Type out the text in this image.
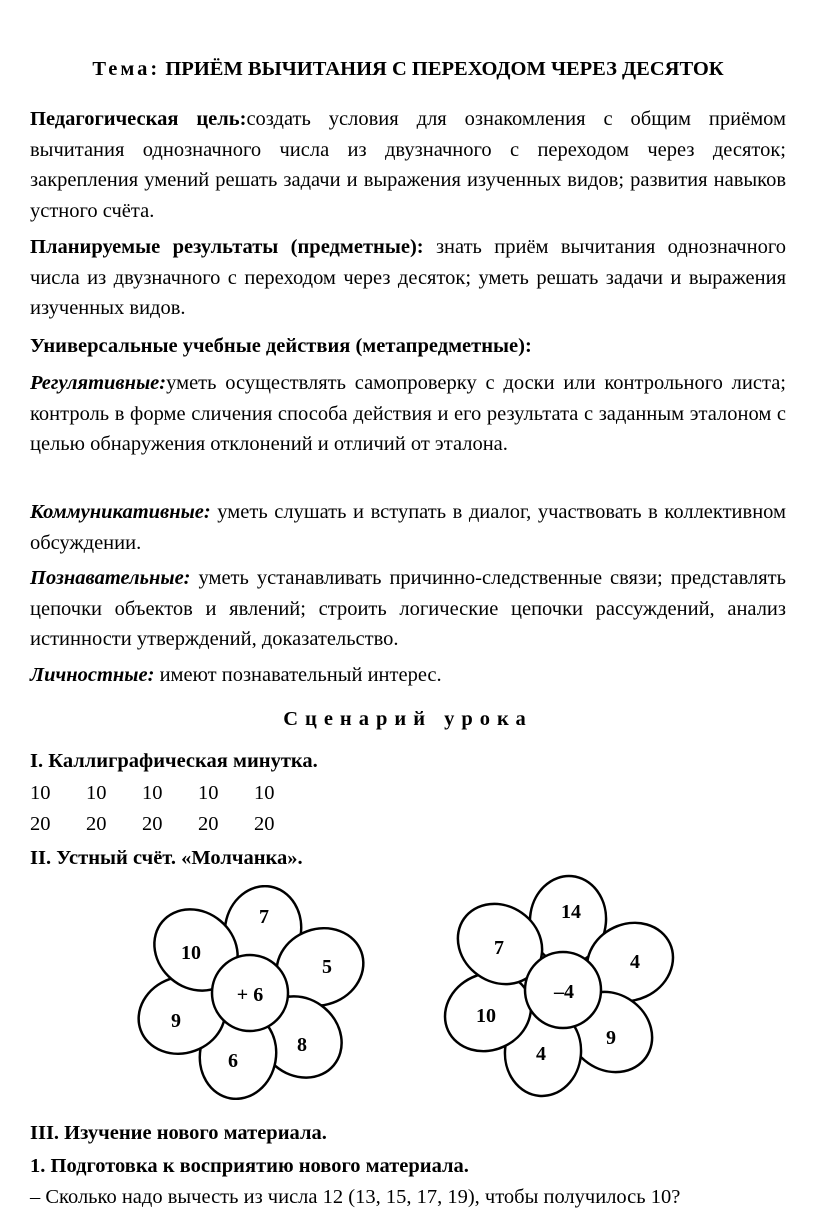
Тема: ПРИЁМ ВЫЧИТАНИЯ С ПЕРЕХОДОМ ЧЕРЕЗ ДЕСЯТОК

Педагогическая цель:создать условия для ознакомления с общим приёмом вычитания однозначного числа из двузначного с переходом через десяток; закрепления умений решать задачи и выражения изученных видов; развития навыков устного счёта.

Планируемые результаты (предметные): знать приём вычитания однозначного числа из двузначного с переходом через десяток; уметь решать задачи и выражения изученных видов.

Универсальные учебные действия (метапредметные):

Регулятивные:уметь осуществлять самопроверку с доски или контрольного листа; контроль в форме сличения способа действия и его результата с заданным эталоном с целью обнаружения отклонений и отличий от эталона.

Коммуникативные: уметь слушать и вступать в диалог, участвовать в коллективном обсуждении.

Познавательные: уметь устанавливать причинно-следственные связи; представлять цепочки объектов и явлений; строить логические цепочки рассуждений, анализ истинности утверждений, доказательство.

Личностные: имеют познавательный интерес.

Сценарий урока
I. Каллиграфическая минутка.
10 10 10 10 10
20 20 20 20 20
II. Устный счёт. «Молчанка».
7
5
8
6
9
10
+ 6
14
4
9
4
10
7
–4
III. Изучение нового материала.
1. Подготовка к восприятию нового материала.
– Сколько надо вычесть из числа 12 (13, 15, 17, 19), чтобы получилось 10?
